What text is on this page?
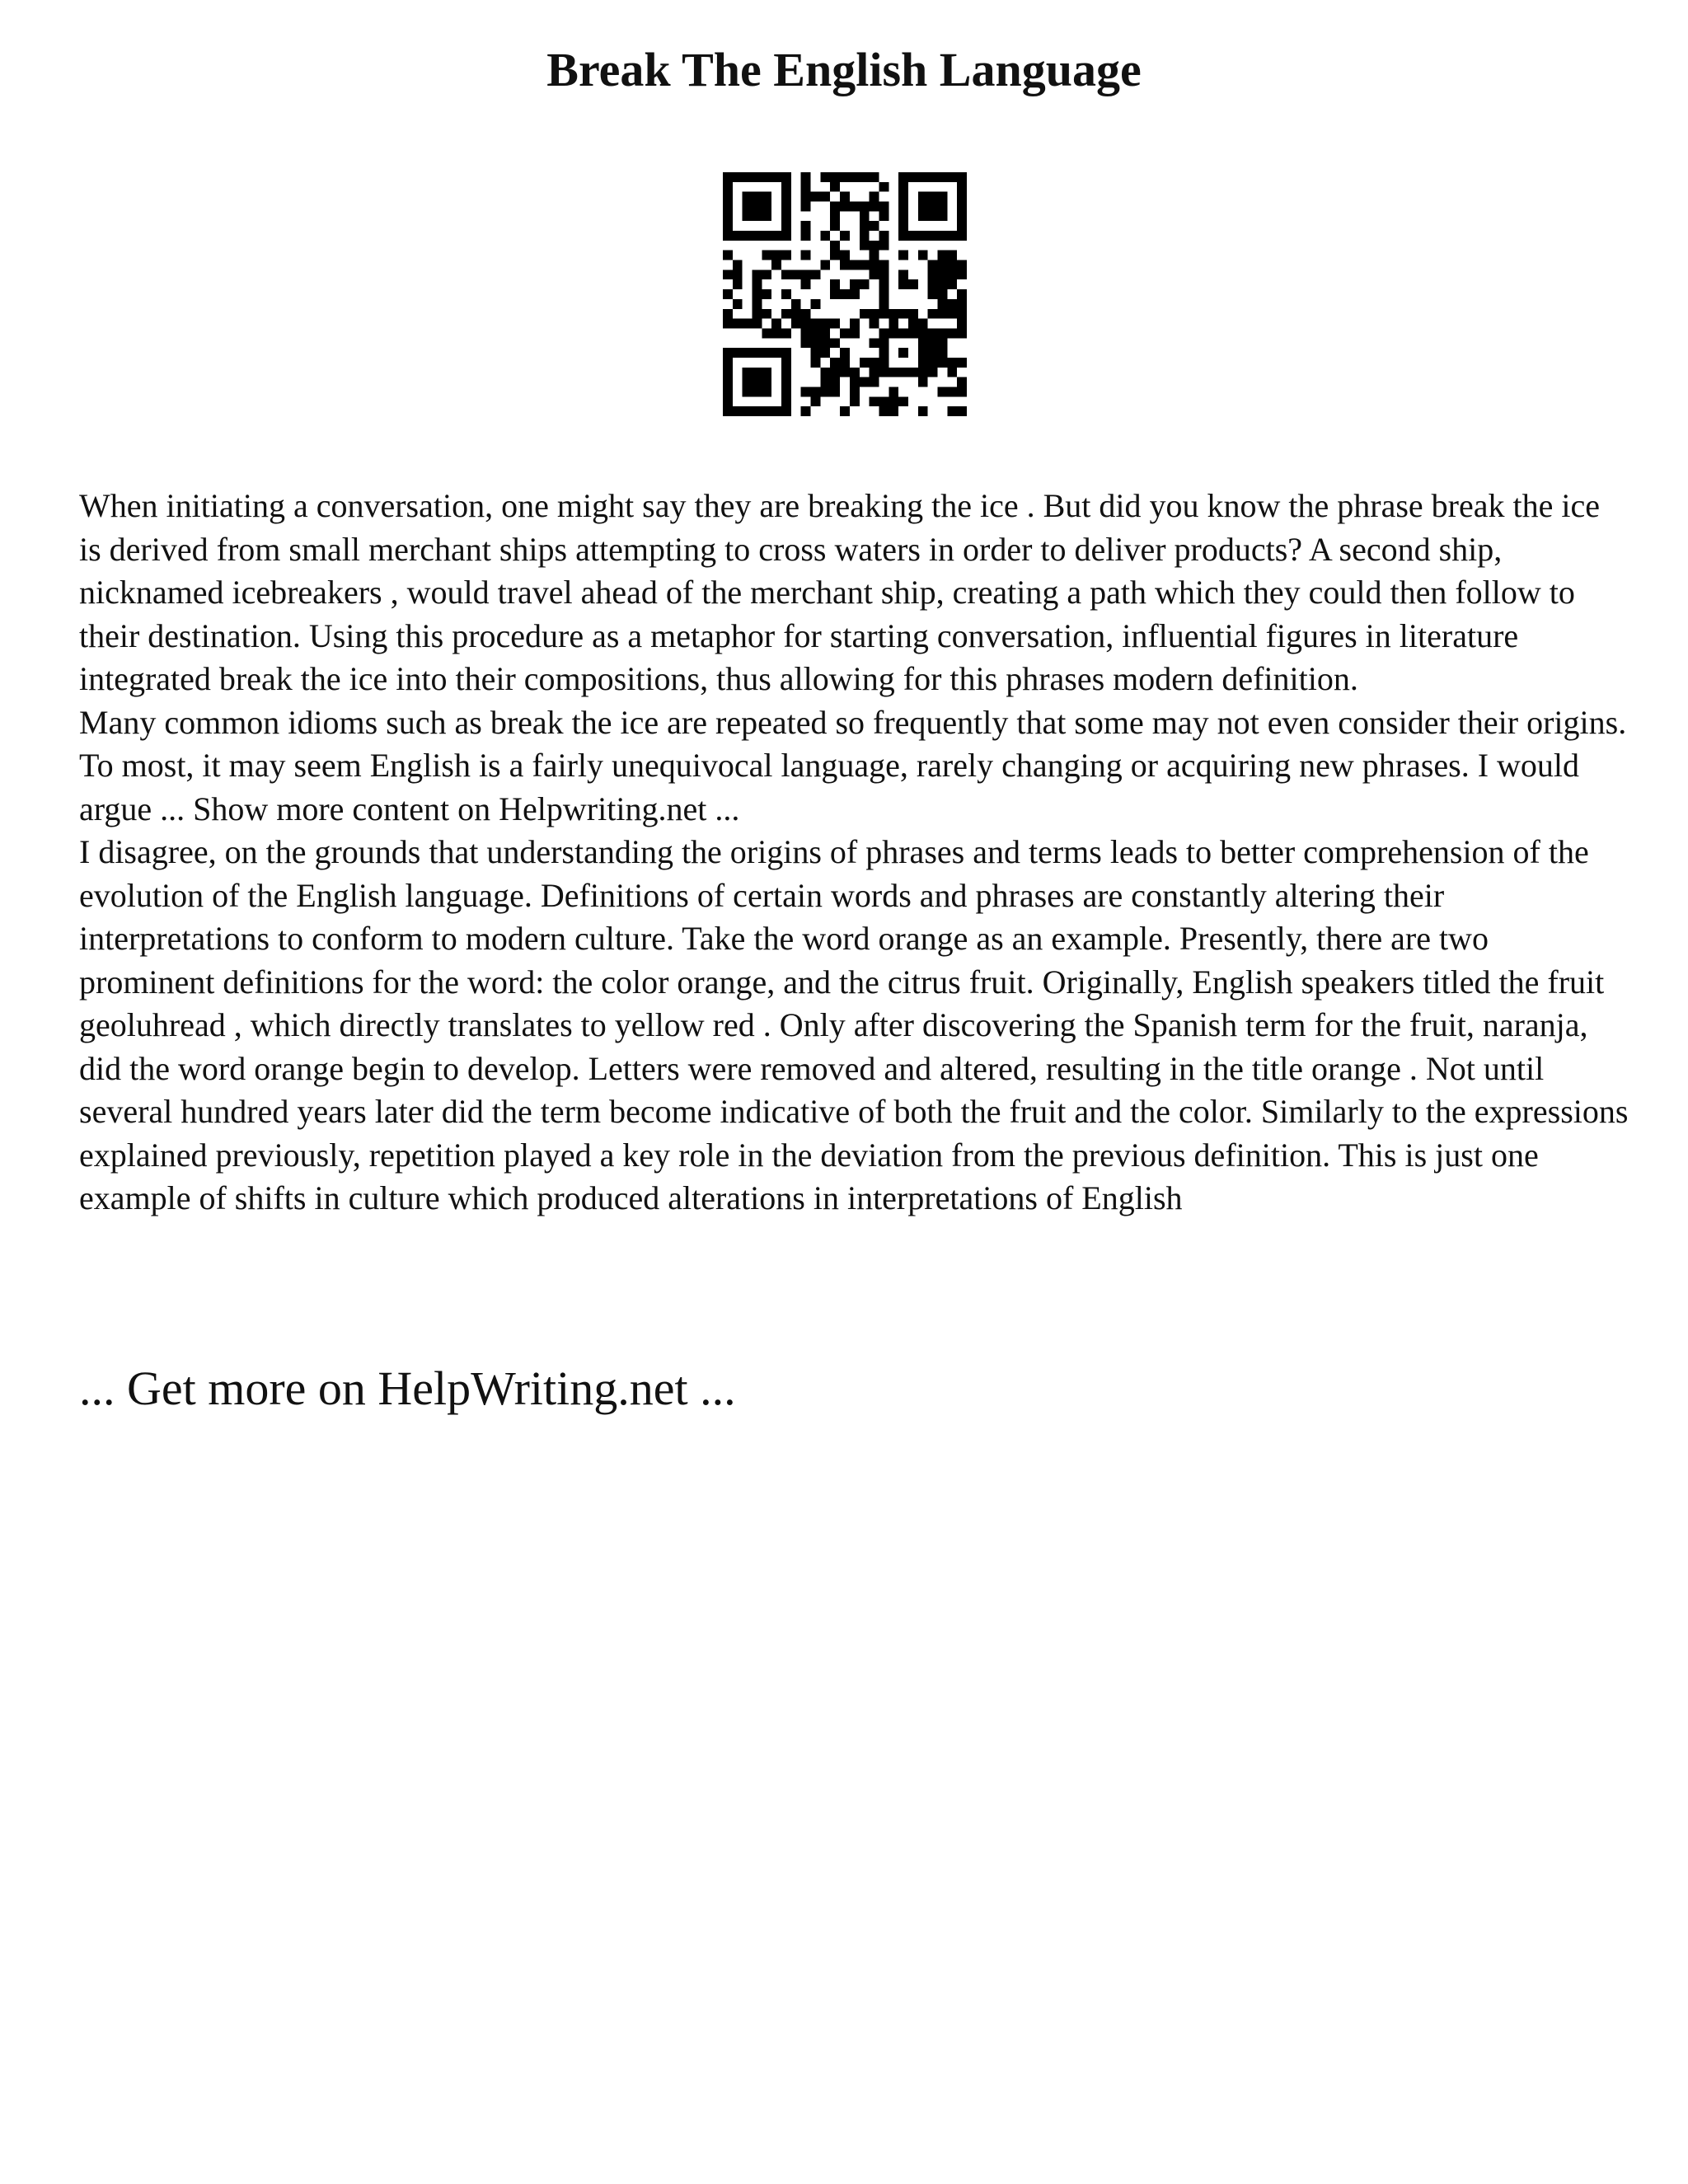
Break The English Language

When initiating a conversation, one might say they are breaking the ice . But did you know the phrase break the ice is derived from small merchant ships attempting to cross waters in order to deliver products? A second ship, nicknamed icebreakers , would travel ahead of the merchant ship, creating a path which they could then follow to their destination. Using this procedure as a metaphor for starting conversation, influential figures in literature integrated break the ice into their compositions, thus allowing for this phrases modern definition.

Many common idioms such as break the ice are repeated so frequently that some may not even consider their origins. To most, it may seem English is a fairly unequivocal language, rarely changing or acquiring new phrases. I would argue ... Show more content on Helpwriting.net ...

I disagree, on the grounds that understanding the origins of phrases and terms leads to better comprehension of the evolution of the English language. Definitions of certain words and phrases are constantly altering their interpretations to conform to modern culture. Take the word orange as an example. Presently, there are two prominent definitions for the word: the color orange, and the citrus fruit. Originally, English speakers titled the fruit geoluhread , which directly translates to yellow red . Only after discovering the Spanish term for the fruit, naranja, did the word orange begin to develop. Letters were removed and altered, resulting in the title orange . Not until several hundred years later did the term become indicative of both the fruit and the color. Similarly to the expressions explained previously, repetition played a key role in the deviation from the previous definition. This is just one example of shifts in culture which produced alterations in interpretations of English

... Get more on HelpWriting.net ...
